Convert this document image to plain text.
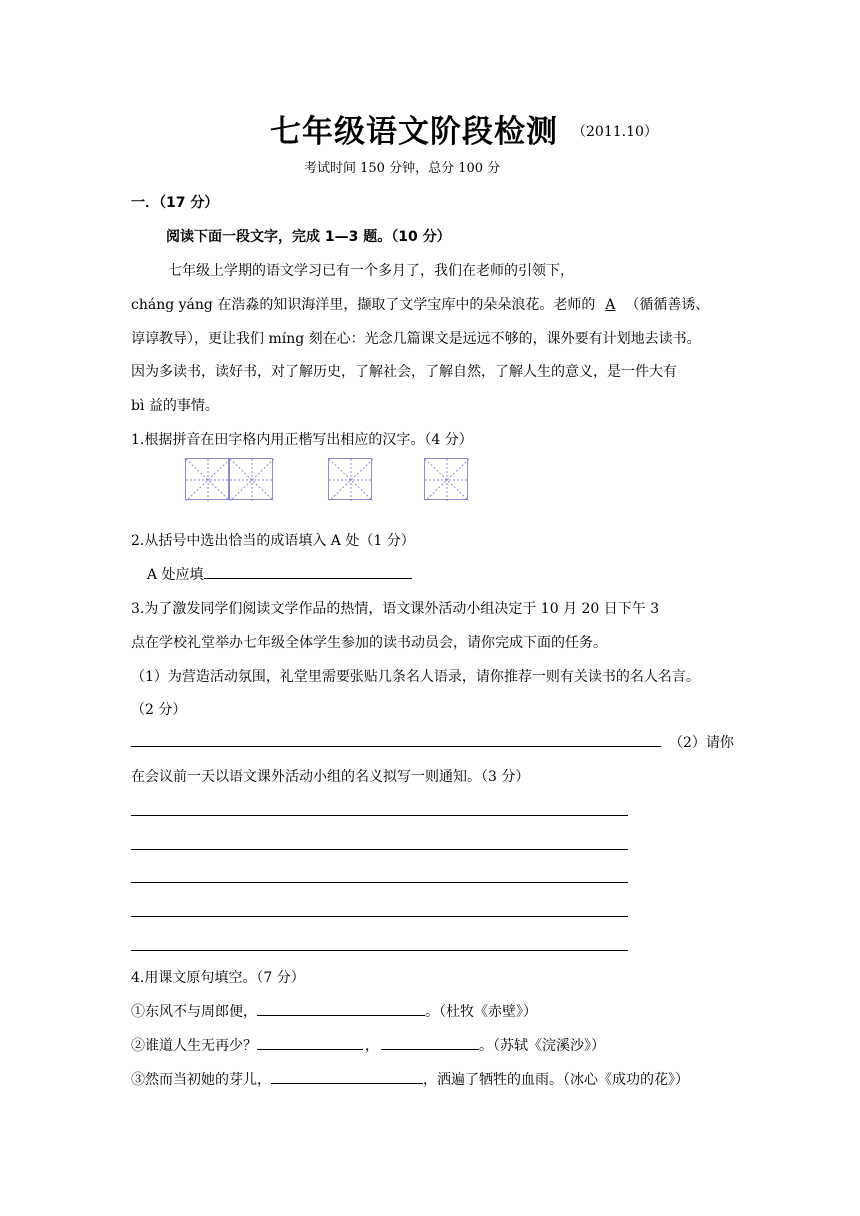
七年级语文阶段检测 （2011.10）
考试时间 150 分钟，总分 100 分
一．（17 分）
阅读下面一段文字，完成 1—3 题。（10 分）
七年级上学期的语文学习已有一个多月了，我们在老师的引领下，
cháng yáng 在浩淼的知识海洋里，撷取了文学宝库中的朵朵浪花。老师的 A （循循善诱、
谆谆教导），更让我们 míng 刻在心：光念几篇课文是远远不够的，课外要有计划地去读书。
因为多读书，读好书，对了解历史，了解社会，了解自然，了解人生的意义，是一件大有
bì 益的事情。
1.根据拼音在田字格内用正楷写出相应的汉字。（4 分）
2.从括号中选出恰当的成语填入 A 处（1 分）
A 处应填
3.为了激发同学们阅读文学作品的热情，语文课外活动小组决定于 10 月 20 日下午 3
点在学校礼堂举办七年级全体学生参加的读书动员会，请你完成下面的任务。
（1）为营造活动氛围，礼堂里需要张贴几条名人语录，请你推荐一则有关读书的名人名言。
（2 分）
（2）请你
在会议前一天以语文课外活动小组的名义拟写一则通知。（3 分）
4.用课文原句填空。（7 分）
①东风不与周郎便，	。（杜牧《赤壁》）
②谁道人生无再少？	，	。（苏轼《浣溪沙》）
③然而当初她的芽儿，	，洒遍了牺牲的血雨。（冰心《成功的花》）
